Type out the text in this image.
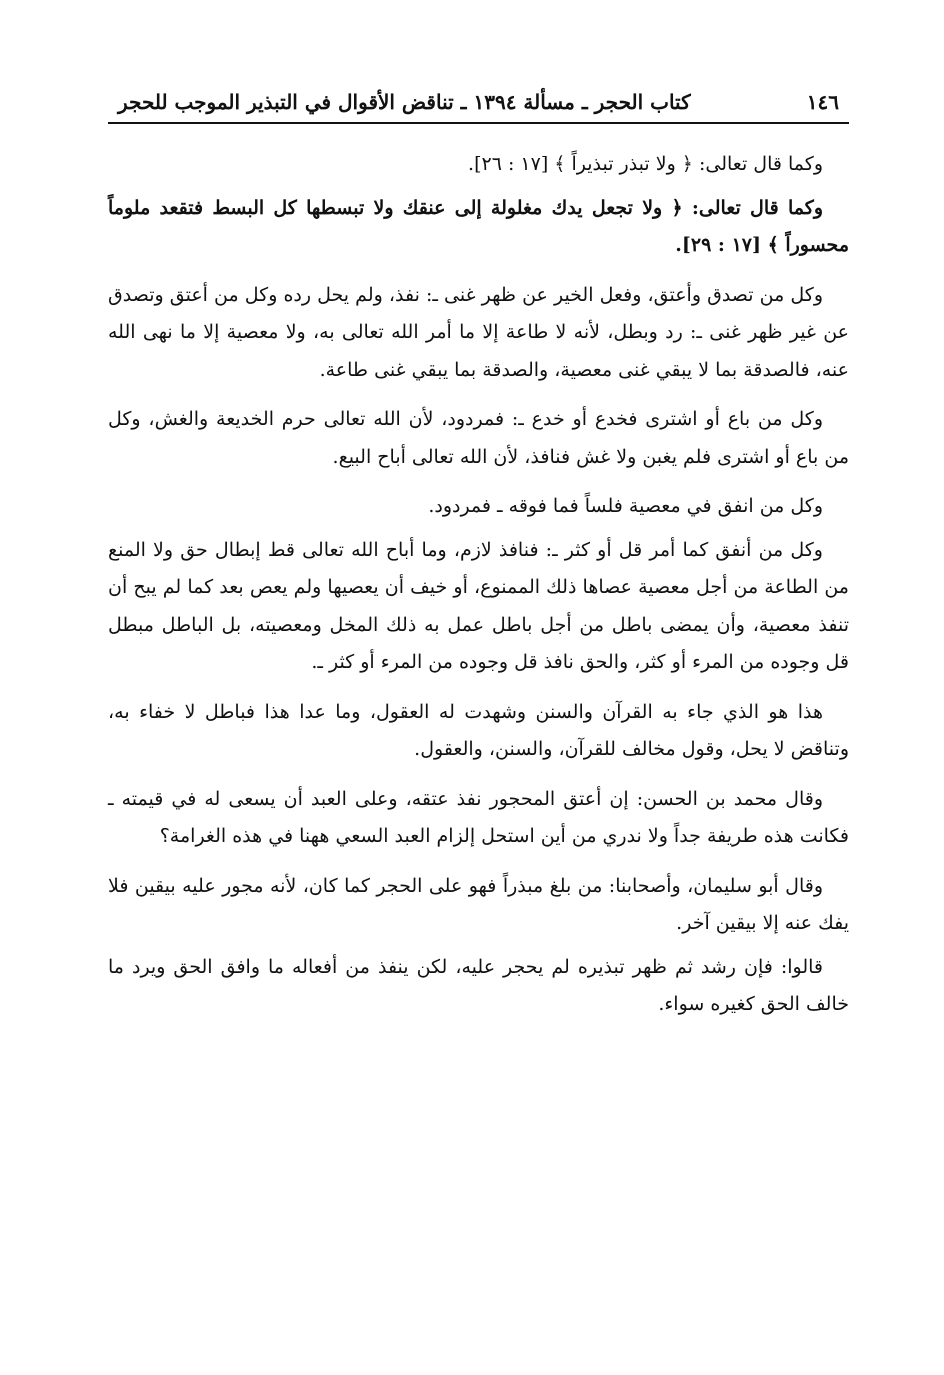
١٤٦
كتاب الحجر ـ مسألة ١٣٩٤ ـ تناقض الأقوال في التبذير الموجب للحجر

وكما قال تعالى: ﴿ ولا تبذر تبذيراً ﴾ [١٧ : ٢٦].

وكما قال تعالى: ﴿ ولا تجعل يدك مغلولة إلى عنقك ولا تبسطها كل البسط فتقعد ملوماً محسوراً ﴾ [١٧ : ٢٩].

وكل من تصدق وأعتق، وفعل الخير عن ظهر غنى ـ: نفذ، ولم يحل رده وكل من أعتق وتصدق عن غير ظهر غنى ـ: رد وبطل، لأنه لا طاعة إلا ما أمر الله تعالى به، ولا معصية إلا ما نهى الله عنه، فالصدقة بما لا يبقي غنى معصية، والصدقة بما يبقي غنى طاعة.

وكل من باع أو اشترى فخدع أو خدع ـ: فمردود، لأن الله تعالى حرم الخديعة والغش، وكل من باع أو اشترى فلم يغبن ولا غش فنافذ، لأن الله تعالى أباح البيع.

وكل من انفق في معصية فلساً فما فوقه ـ فمردود.

وكل من أنفق كما أمر قل أو كثر ـ: فنافذ لازم، وما أباح الله تعالى قط إبطال حق ولا المنع من الطاعة من أجل معصية عصاها ذلك الممنوع، أو خيف أن يعصيها ولم يعص بعد كما لم يبح أن تنفذ معصية، وأن يمضى باطل من أجل باطل عمل به ذلك المخل ومعصيته، بل الباطل مبطل قل وجوده من المرء أو كثر، والحق نافذ قل وجوده من المرء أو كثر ـ.

هذا هو الذي جاء به القرآن والسنن وشهدت له العقول، وما عدا هذا فباطل لا خفاء به، وتناقض لا يحل، وقول مخالف للقرآن، والسنن، والعقول.

وقال محمد بن الحسن: إن أعتق المحجور نفذ عتقه، وعلى العبد أن يسعى له في قيمته ـ فكانت هذه طريفة جداً ولا ندري من أين استحل إلزام العبد السعي ههنا في هذه الغرامة؟

وقال أبو سليمان، وأصحابنا: من بلغ مبذراً فهو على الحجر كما كان، لأنه مجور عليه بيقين فلا يفك عنه إلا بيقين آخر.

قالوا: فإن رشد ثم ظهر تبذيره لم يحجر عليه، لكن ينفذ من أفعاله ما وافق الحق ويرد ما خالف الحق كغيره سواء.
